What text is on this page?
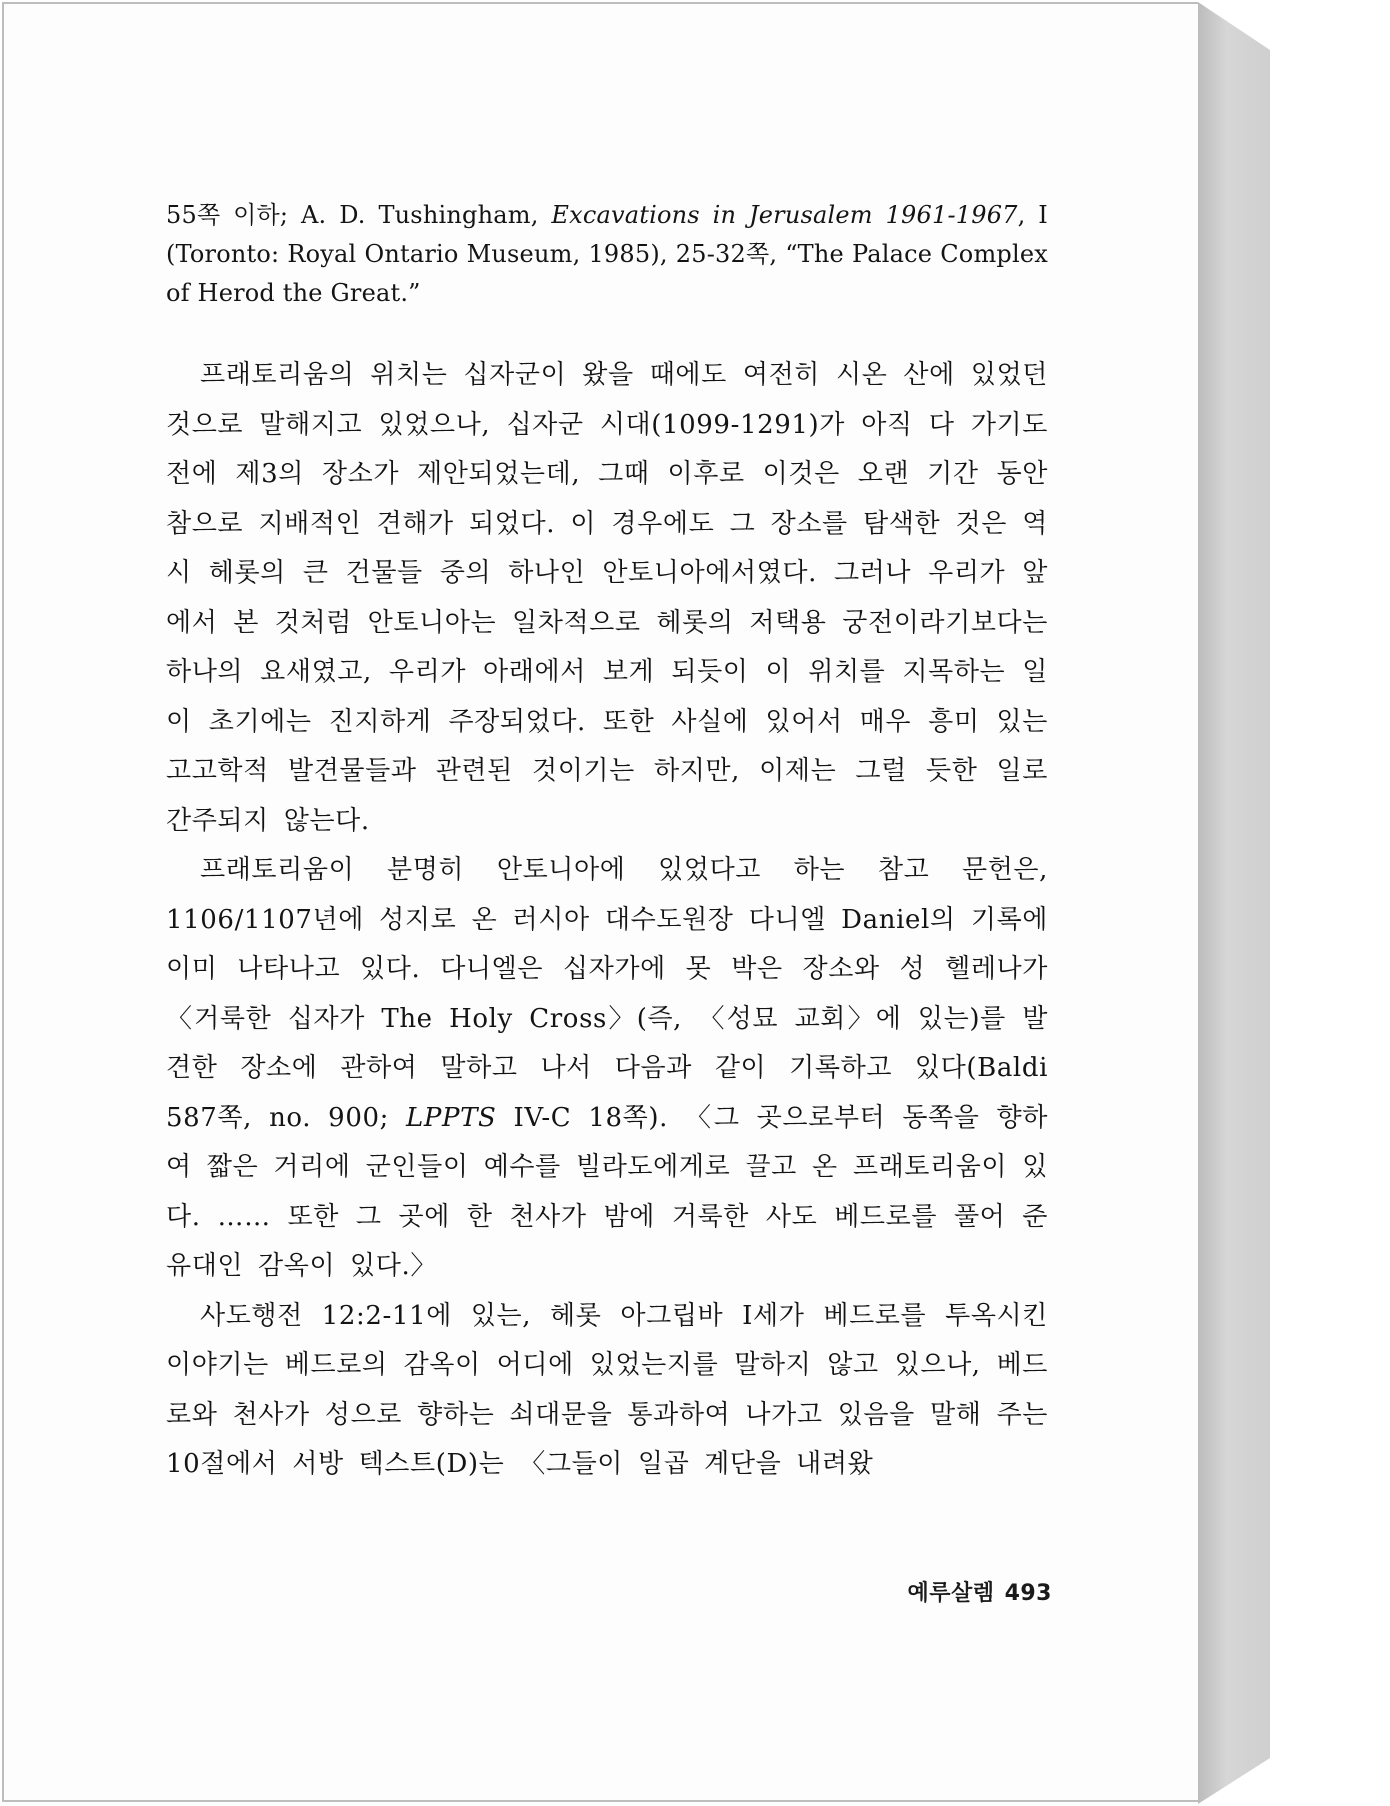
55쪽 이하; A. D. Tushingham, Excavations in Jerusalem 1961-1967, I (Toronto: Royal Ontario Museum, 1985), 25-32쪽, “The Palace Complex of Herod the Great.”

프래토리움의 위치는 십자군이 왔을 때에도 여전히 시온 산에 있었던 것으로 말해지고 있었으나, 십자군 시대(1099-1291)가 아직 다 가기도 전에 제3의 장소가 제안되었는데, 그때 이후로 이것은 오랜 기간 동안 참으로 지배적인 견해가 되었다. 이 경우에도 그 장소를 탐색한 것은 역시 헤롯의 큰 건물들 중의 하나인 안토니아에서였다. 그러나 우리가 앞에서 본 것처럼 안토니아는 일차적으로 헤롯의 저택용 궁전이라기보다는 하나의 요새였고, 우리가 아래에서 보게 되듯이 이 위치를 지목하는 일이 초기에는 진지하게 주장되었다. 또한 사실에 있어서 매우 흥미 있는 고고학적 발견물들과 관련된 것이기는 하지만, 이제는 그럴 듯한 일로 간주되지 않는다.

프래토리움이 분명히 안토니아에 있었다고 하는 참고 문헌은, 1106/1107년에 성지로 온 러시아 대수도원장 다니엘 Daniel의 기록에 이미 나타나고 있다. 다니엘은 십자가에 못 박은 장소와 성 헬레나가 〈거룩한 십자가 The Holy Cross〉(즉, 〈성묘 교회〉에 있는)를 발견한 장소에 관하여 말하고 나서 다음과 같이 기록하고 있다(Baldi 587쪽, no. 900; LPPTS IV-C 18쪽). 〈그 곳으로부터 동쪽을 향하여 짧은 거리에 군인들이 예수를 빌라도에게로 끌고 온 프래토리움이 있다. …… 또한 그 곳에 한 천사가 밤에 거룩한 사도 베드로를 풀어 준 유대인 감옥이 있다.〉

사도행전 12:2-11에 있는, 헤롯 아그립바 I세가 베드로를 투옥시킨 이야기는 베드로의 감옥이 어디에 있었는지를 말하지 않고 있으나, 베드로와 천사가 성으로 향하는 쇠대문을 통과하여 나가고 있음을 말해 주는 10절에서 서방 텍스트(D)는 〈그들이 일곱 계단을 내려왔

예루살렘 493
